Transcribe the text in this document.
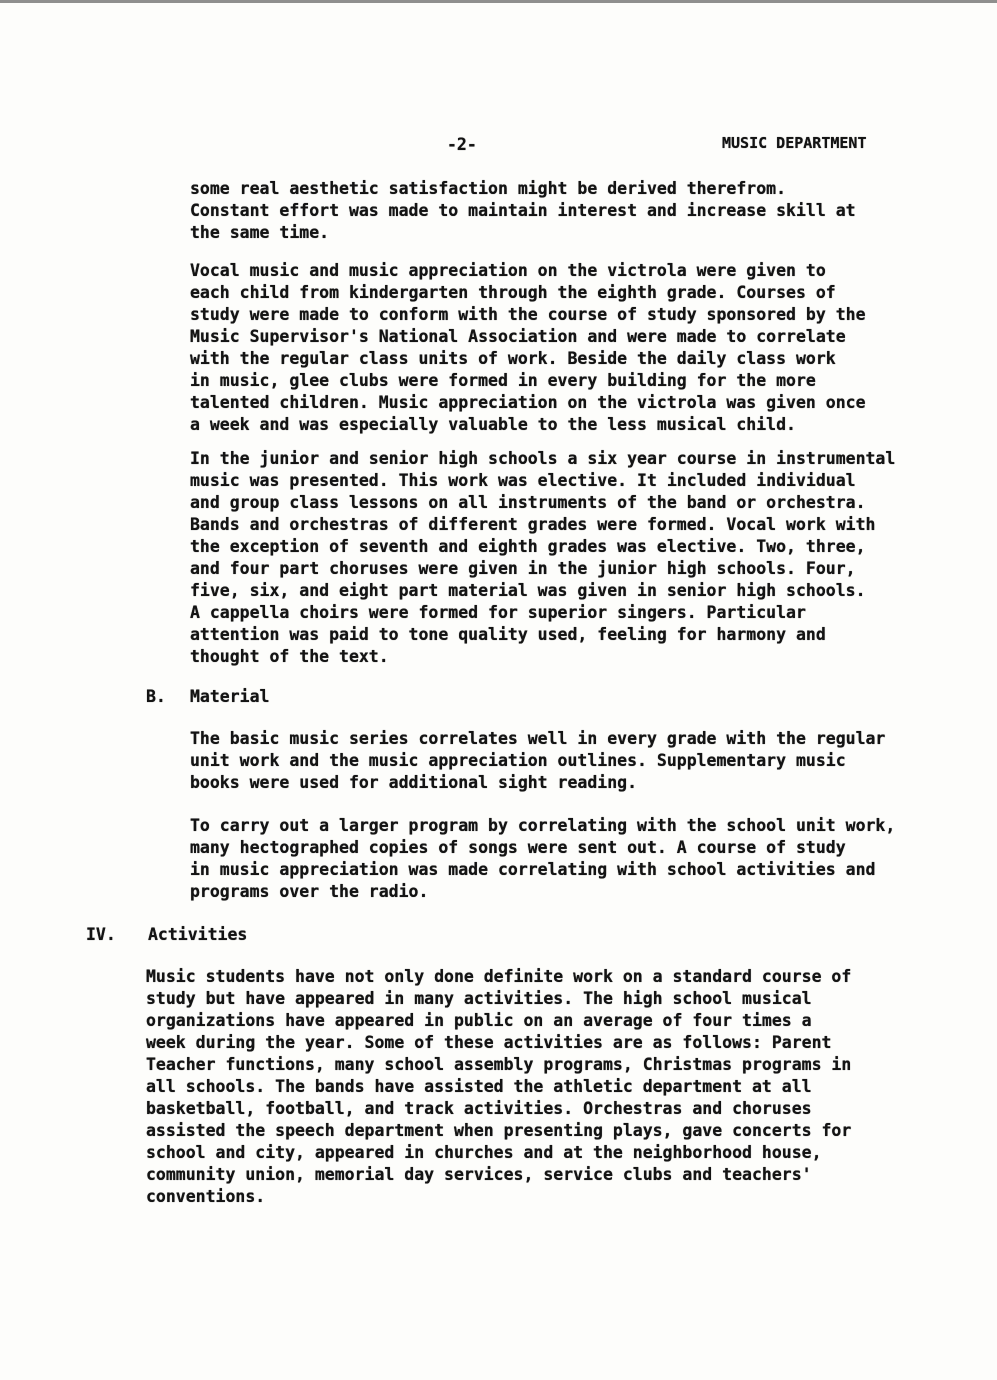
-2-	MUSIC DEPARTMENT

some real aesthetic satisfaction might be derived therefrom.
Constant effort was made to maintain interest and increase skill at
the same time.

Vocal music and music appreciation on the victrola were given to
each child from kindergarten through the eighth grade. Courses of
study were made to conform with the course of study sponsored by the
Music Supervisor's National Association and were made to correlate
with the regular class units of work. Beside the daily class work
in music, glee clubs were formed in every building for the more
talented children. Music appreciation on the victrola was given once
a week and was especially valuable to the less musical child.

In the junior and senior high schools a six year course in instrumental
music was presented. This work was elective. It included individual
and group class lessons on all instruments of the band or orchestra.
Bands and orchestras of different grades were formed. Vocal work with
the exception of seventh and eighth grades was elective. Two, three,
and four part choruses were given in the junior high schools. Four,
five, six, and eight part material was given in senior high schools.
A cappella choirs were formed for superior singers. Particular
attention was paid to tone quality used, feeling for harmony and
thought of the text.

B. Material

The basic music series correlates well in every grade with the regular
unit work and the music appreciation outlines. Supplementary music
books were used for additional sight reading.

To carry out a larger program by correlating with the school unit work,
many hectographed copies of songs were sent out. A course of study
in music appreciation was made correlating with school activities and
programs over the radio.

IV. Activities

Music students have not only done definite work on a standard course of
study but have appeared in many activities. The high school musical
organizations have appeared in public on an average of four times a
week during the year. Some of these activities are as follows: Parent
Teacher functions, many school assembly programs, Christmas programs in
all schools. The bands have assisted the athletic department at all
basketball, football, and track activities. Orchestras and choruses
assisted the speech department when presenting plays, gave concerts for
school and city, appeared in churches and at the neighborhood house,
community union, memorial day services, service clubs and teachers'
conventions.
